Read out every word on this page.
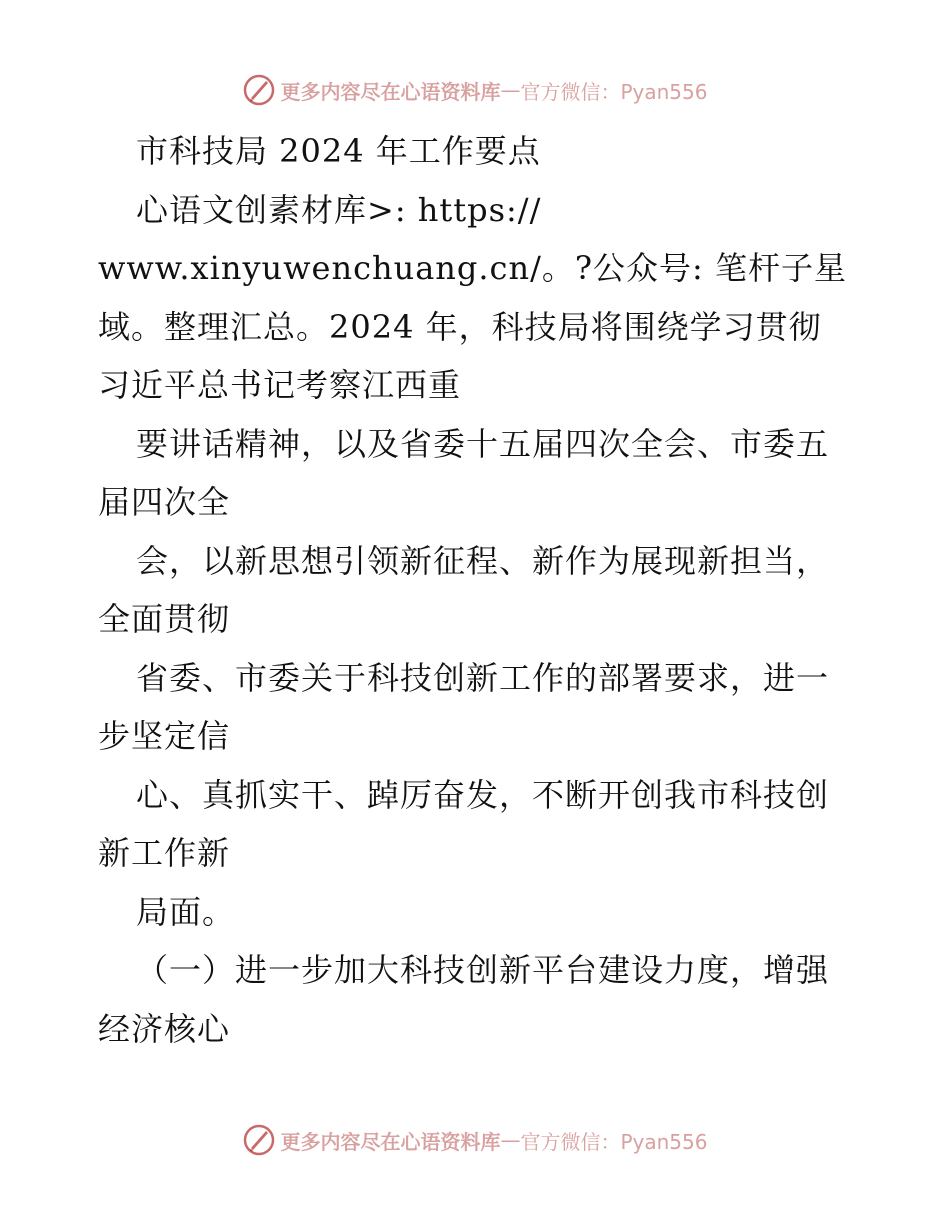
更多内容尽在心语资料库 — 官方微信：Pyan556
市科技局 2024 年工作要点
心语文创素材库>: https://
www.xinyuwenchuang.cn/。?公众号: 笔杆子星
域。整理汇总。2024 年，科技局将围绕学习贯彻
习近平总书记考察江西重
要讲话精神，以及省委十五届四次全会、市委五
届四次全
会，以新思想引领新征程、新作为展现新担当，
全面贯彻
省委、市委关于科技创新工作的部署要求，进一
步坚定信
心、真抓实干、踔厉奋发，不断开创我市科技创
新工作新
局面。
（一）进一步加大科技创新平台建设力度，增强
经济核心
更多内容尽在心语资料库 — 官方微信：Pyan556
